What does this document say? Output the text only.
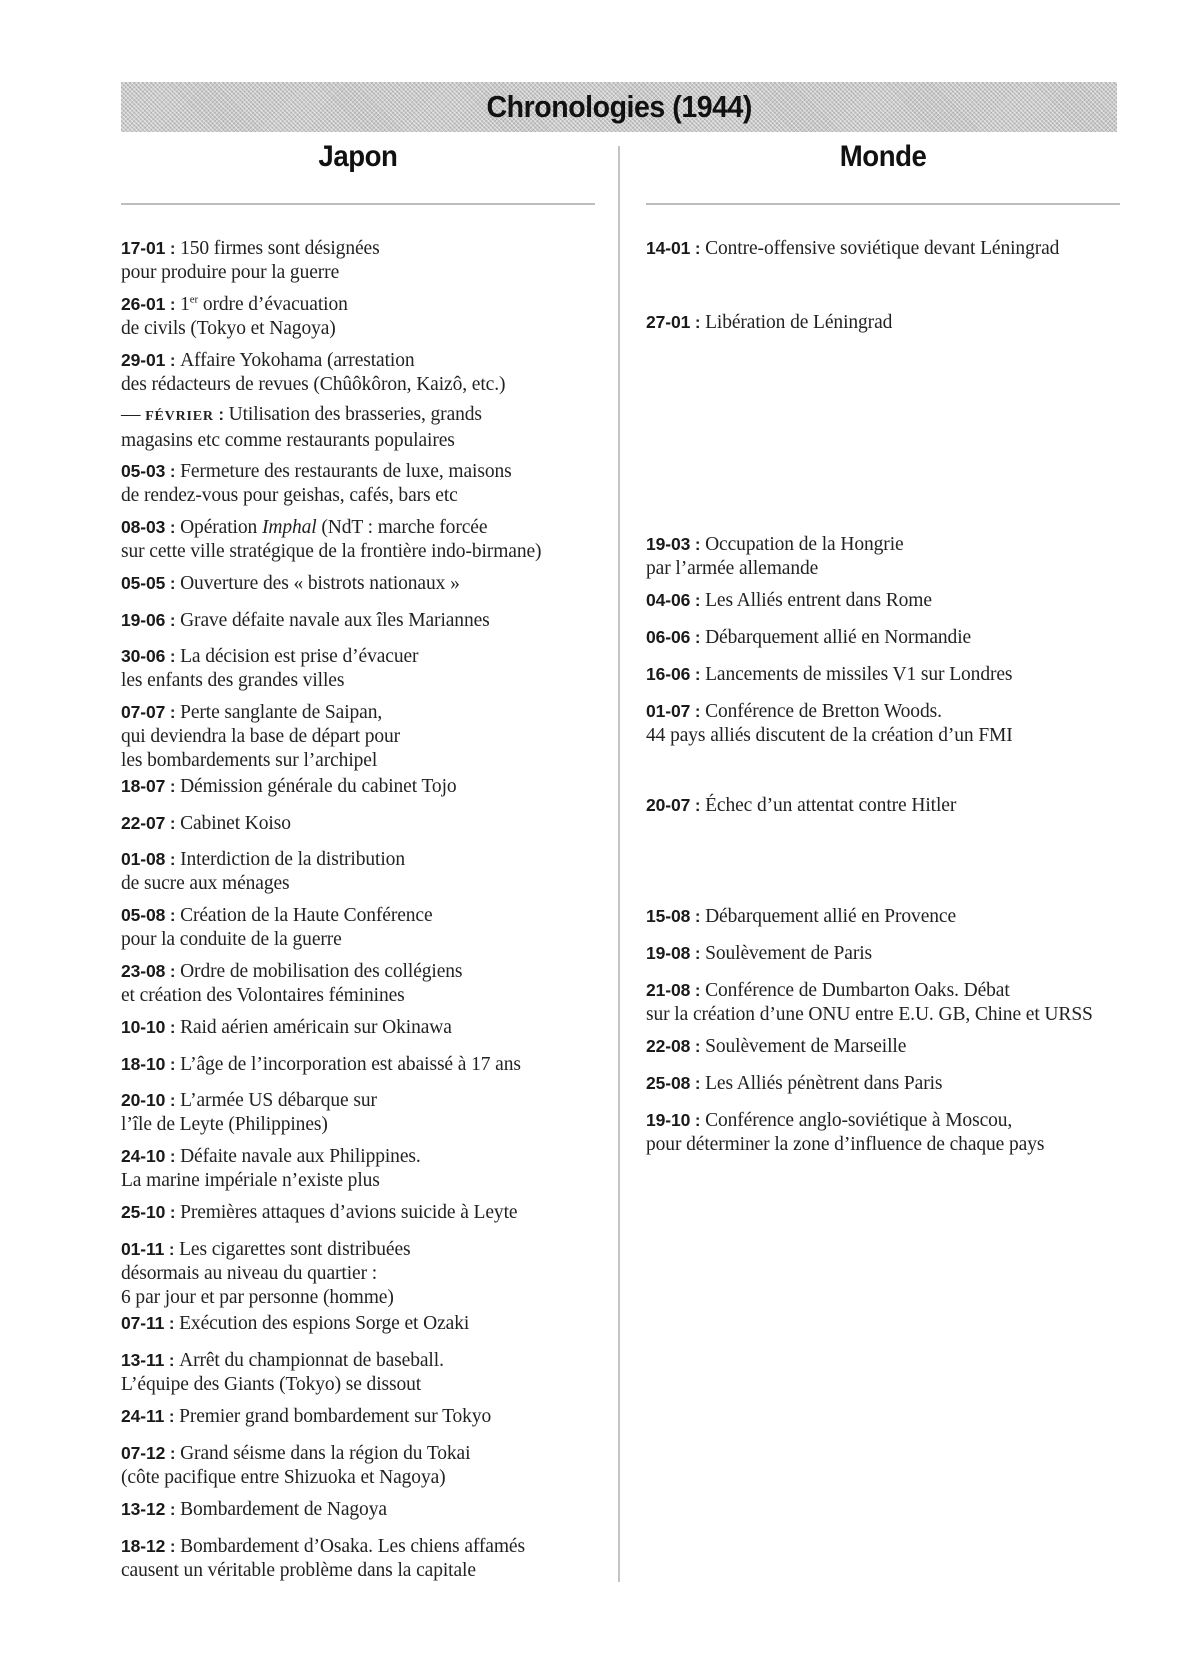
Chronologies (1944)
Japon	Monde
17-01 : 150 firmes sont désignées
pour produire pour la guerre
26-01 : 1er ordre d’évacuation
de civils (Tokyo et Nagoya)
29-01 : Affaire Yokohama (arrestation
des rédacteurs de revues (Chûôkôron, Kaizô, etc.)
— FÉVRIER : Utilisation des brasseries, grands
magasins etc comme restaurants populaires
05-03 : Fermeture des restaurants de luxe, maisons
de rendez-vous pour geishas, cafés, bars etc
08-03 : Opération Imphal (NdT : marche forcée
sur cette ville stratégique de la frontière indo-birmane)
05-05 : Ouverture des « bistrots nationaux »
19-06 : Grave défaite navale aux îles Mariannes
30-06 : La décision est prise d’évacuer
les enfants des grandes villes
07-07 : Perte sanglante de Saipan,
qui deviendra la base de départ pour
les bombardements sur l’archipel
18-07 : Démission générale du cabinet Tojo
22-07 : Cabinet Koiso
01-08 : Interdiction de la distribution
de sucre aux ménages
05-08 : Création de la Haute Conférence
pour la conduite de la guerre
23-08 : Ordre de mobilisation des collégiens
et création des Volontaires féminines
10-10 : Raid aérien américain sur Okinawa
18-10 : L’âge de l’incorporation est abaissé à 17 ans
20-10 : L’armée US débarque sur
l’île de Leyte (Philippines)
24-10 : Défaite navale aux Philippines.
La marine impériale n’existe plus
25-10 : Premières attaques d’avions suicide à Leyte
01-11 : Les cigarettes sont distribuées
désormais au niveau du quartier :
6 par jour et par personne (homme)
07-11 : Exécution des espions Sorge et Ozaki
13-11 : Arrêt du championnat de baseball.
L’équipe des Giants (Tokyo) se dissout
24-11 : Premier grand bombardement sur Tokyo
07-12 : Grand séisme dans la région du Tokai
(côte pacifique entre Shizuoka et Nagoya)
13-12 : Bombardement de Nagoya
18-12 : Bombardement d’Osaka. Les chiens affamés
causent un véritable problème dans la capitale
14-01 : Contre-offensive soviétique devant Léningrad
27-01 : Libération de Léningrad
19-03 : Occupation de la Hongrie
par l’armée allemande
04-06 : Les Alliés entrent dans Rome
06-06 : Débarquement allié en Normandie
16-06 : Lancements de missiles V1 sur Londres
01-07 : Conférence de Bretton Woods.
44 pays alliés discutent de la création d’un FMI
20-07 : Échec d’un attentat contre Hitler
15-08 : Débarquement allié en Provence
19-08 : Soulèvement de Paris
21-08 : Conférence de Dumbarton Oaks. Débat
sur la création d’une ONU entre E.U. GB, Chine et URSS
22-08 : Soulèvement de Marseille
25-08 : Les Alliés pénètrent dans Paris
19-10 : Conférence anglo-soviétique à Moscou,
pour déterminer la zone d’influence de chaque pays
